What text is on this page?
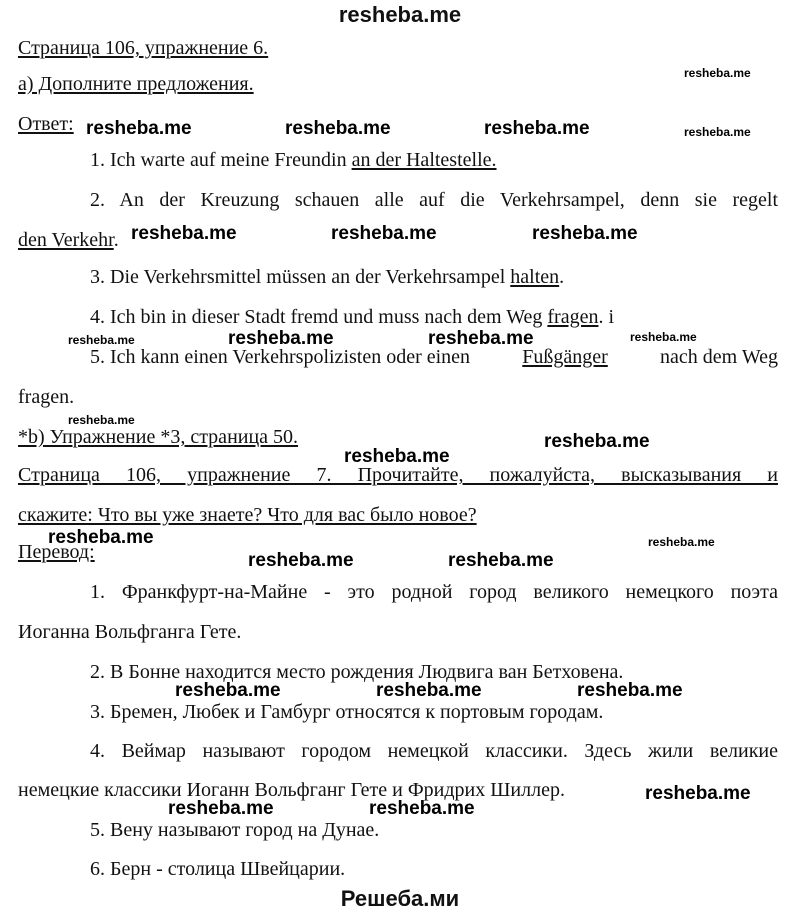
resheba.me
Страница 106, упражнение 6.
а) Дополните предложения.
Ответ:
1. Ich warte auf meine Freundin an der Haltestelle.
2. An der Kreuzung schauen alle auf die Verkehrsampel, denn sie regelt
den Verkehr.
3. Die Verkehrsmittel müssen an der Verkehrsampel halten.
4. Ich bin in dieser Stadt fremd und muss nach dem Weg fragen. i
5. Ich kann einen Verkehrspolizisten oder einen Fußgänger nach dem Weg
fragen.
*b) Упражнение *3, страница 50.
Страница 106, упражнение 7. Прочитайте, пожалуйста, высказывания и
скажите: Что вы уже знаете? Что для вас было новое?
Перевод:
1. Франкфурт-на-Майне - это родной город великого немецкого поэта
Иоганна Вольфганга Гете.
2. В Бонне находится место рождения Людвига ван Бетховена.
3. Бремен, Любек и Гамбург относятся к портовым городам.
4. Веймар называют городом немецкой классики. Здесь жили великие
немецкие классики Иоганн Вольфганг Гете и Фридрих Шиллер.
5. Вену называют город на Дунае.
6. Берн - столица Швейцарии.
resheba.me
resheba.me	resheba.me	resheba.me	resheba.me
resheba.me	resheba.me	resheba.me
resheba.me	resheba.me	resheba.me	resheba.me
resheba.me
resheba.me
resheba.me
resheba.me	resheba.me
resheba.me	resheba.me
resheba.me	resheba.me	resheba.me
resheba.me
resheba.me	resheba.me
Решеба.ми
